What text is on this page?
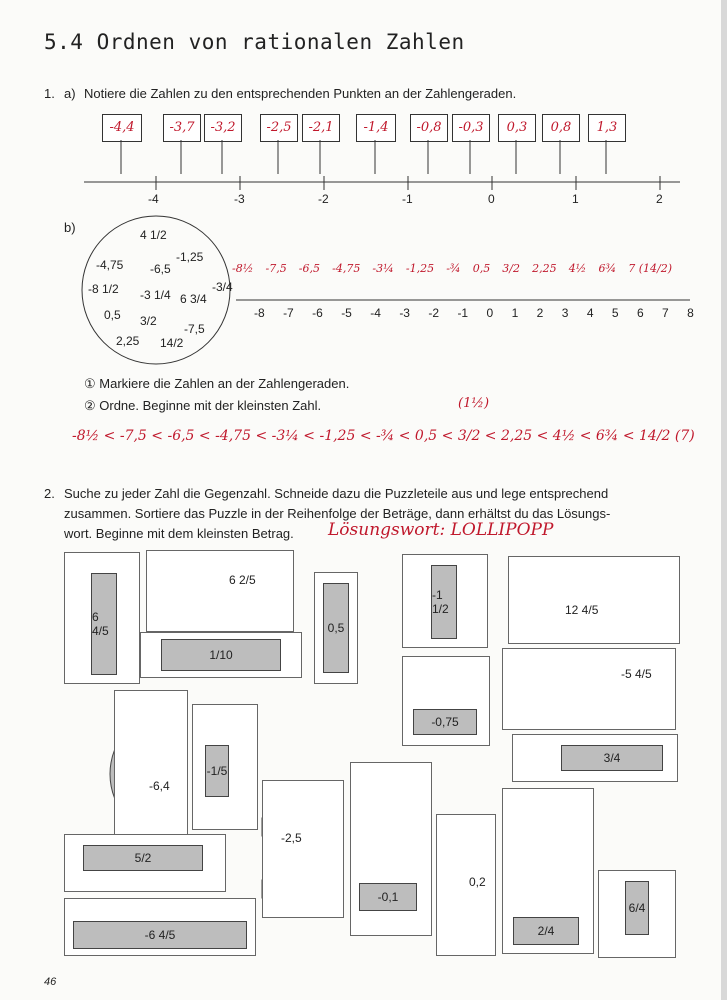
5.4 Ordnen von rationalen Zahlen
1. a) Notiere die Zahlen zu den entsprechenden Punkten an der Zahlengeraden.
-4,4	-3,7	-3,2	-2,5	-2,1	-1,4	-0,8	-0,3	0,3	0,8	1,3
-4	-3	-2	-1	0	1	2
b)	4 1/2
-1,25
-4,75 -6,5
-8 1/2 -3 1/4 6 3/4
-3/4
0,5 3/2
-7,5
2,25 14/2
-8½ -7,5 -6,5 -4,75 -3¼ -1,25 -¾ 0,5 3/2 2,25 4½ 6¾ 7 (14/2)
-8 -7 -6 -5 -4 -3 -2 -1 0 1 2 3 4 5 6 7 8
① Markiere die Zahlen an der Zahlengeraden.
② Ordne. Beginne mit der kleinsten Zahl.	(1½)
-8½ < -7,5 < -6,5 < -4,75 < -3¼ < -1,25 < -¾ < 0,5 < 3/2 < 2,25 < 4½ < 6¾ < 14/2 (7)
2. Suche zu jeder Zahl die Gegenzahl. Schneide dazu die Puzzleteile aus und lege entsprechend
zusammen. Sortiere das Puzzle in der Reihenfolge der Beträge, dann erhältst du das Lösungs-
wort. Beginne mit dem kleinsten Betrag. Lösungswort: LOLLIPOPP
6 4/5
6 2/5
1/10
0,5
-1 1/2	12 4/5
-5 4/5
-0,75
-6,4
-1/5
3/4
5/2
-2,5
-0,1
0,2
6/4
2/4
-6 4/5
46
